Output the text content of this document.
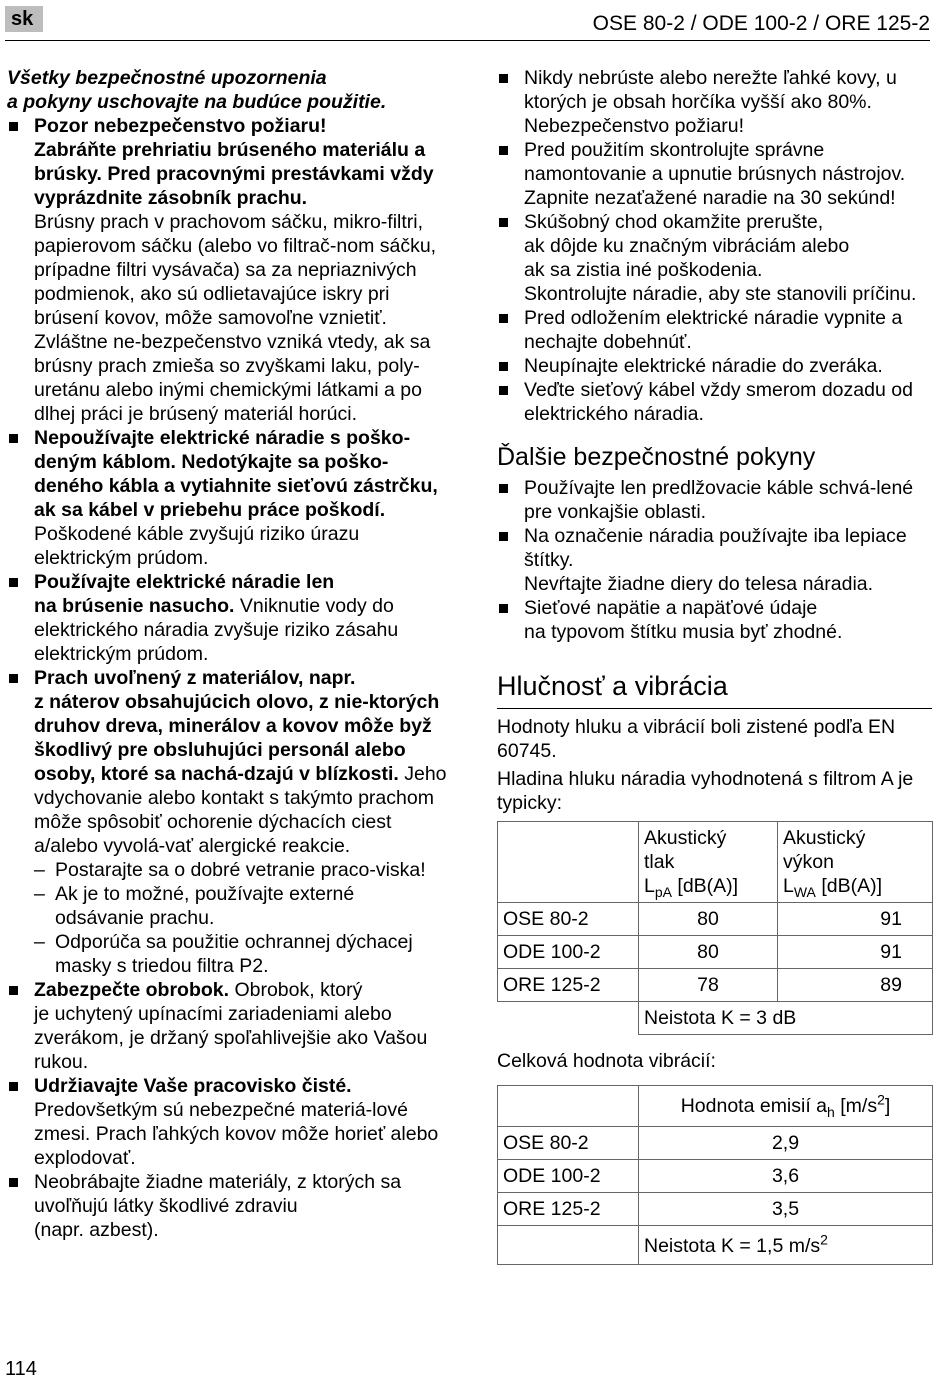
sk	OSE 80-2 / ODE 100-2 / ORE 125-2

Všetky bezpečnostné upozornenia
a pokyny uschovajte na budúce použitie.

Pozor nebezpečenstvo požiaru!
Zabráňte prehriatiu brúseného materiálu a brúsky. Pred pracovnými prestávkami vždy vyprázdnite zásobník prachu.
Brúsny prach v prachovom sáčku, mikro-filtri, papierovom sáčku (alebo vo filtrač-nom sáčku, prípadne filtri vysávača) sa za nepriaznivých podmienok, ako sú odlietavajúce iskry pri brúsení kovov, môže samovoľne vznietiť. Zvláštne ne-bezpečenstvo vzniká vtedy, ak sa brúsny prach zmieša so zvyškami laku, poly-uretánu alebo inými chemickými látkami a po dlhej práci je brúsený materiál horúci.
Nepoužívajte elektrické náradie s poško-deným káblom. Nedotýkajte sa poško-deného kábla a vytiahnite sieťovú zástrčku, ak sa kábel v priebehu práce poškodí. Poškodené káble zvyšujú riziko úrazu elektrickým prúdom.
Používajte elektrické náradie len
na brúsenie nasucho. Vniknutie vody do elektrického náradia zvyšuje riziko zásahu elektrickým prúdom.
Prach uvoľnený z materiálov, napr.
z náterov obsahujúcich olovo, z nie-ktorých druhov dreva, minerálov a kovov môže byž škodlivý pre obsluhujúci personál alebo osoby, ktoré sa nachá-dzajú v blízkosti. Jeho vdychovanie alebo kontakt s takýmto prachom môže spôsobiť ochorenie dýchacích ciest a/alebo vyvolá-vať alergické reakcie.
– Postarajte sa o dobré vetranie praco-viska!
– Ak je to možné, používajte externé odsávanie prachu.
– Odporúča sa použitie ochrannej dýchacej masky s triedou filtra P2.
Zabezpečte obrobok. Obrobok, ktorý
je uchytený upínacími zariadeniami alebo zverákom, je držaný spoľahlivejšie ako Vašou rukou.
Udržiavajte Vaše pracovisko čisté.
Predovšetkým sú nebezpečné materiá-lové zmesi. Prach ľahkých kovov môže horieť alebo explodovať.
Neobrábajte žiadne materiály, z ktorých sa uvoľňujú látky škodlivé zdraviu
(napr. azbest).
Nikdy nebrúste alebo nerežte ľahké kovy, u ktorých je obsah horčíka vyšší ako 80%. Nebezpečenstvo požiaru!
Pred použitím skontrolujte správne namontovanie a upnutie brúsnych nástrojov. Zapnite nezaťažené naradie na 30 sekúnd!
Skúšobný chod okamžite prerušte,
ak dôjde ku značným vibráciám alebo
ak sa zistia iné poškodenia.
Skontrolujte náradie, aby ste stanovili príčinu.
Pred odložením elektrické náradie vypnite a nechajte dobehnúť.
Neupínajte elektrické náradie do zveráka.
Veďte sieťový kábel vždy smerom dozadu od elektrického náradia.
Ďalšie bezpečnostné pokyny
Používajte len predlžovacie káble schvá-lené pre vonkajšie oblasti.
Na označenie náradia používajte iba lepiace štítky.
Nevŕtajte žiadne diery do telesa náradia.
Sieťové napätie a napäťové údaje
na typovom štítku musia byť zhodné.
Hlučnosť a vibrácia

Hodnoty hluku a vibrácií boli zistené podľa EN 60745.

Hladina hluku náradia vyhodnotená s filtrom A je typicky:

	Akustický
tlak
$L_{pA}$ [dB(A)]	Akustický
výkon
$L_{WA}$ [dB(A)]
OSE 80-2	80	91
ODE 100-2	80	91
ORE 125-2	78	89
	Neistota K = 3 dB	

Celková hodnota vibrácií:

	Hodnota emisií $a_h$ $[m/s^2]$
OSE 80-2	2,9
ODE 100-2	3,6
ORE 125-2	3,5
	Neistota K = 1,5 $m/s^2$
114
